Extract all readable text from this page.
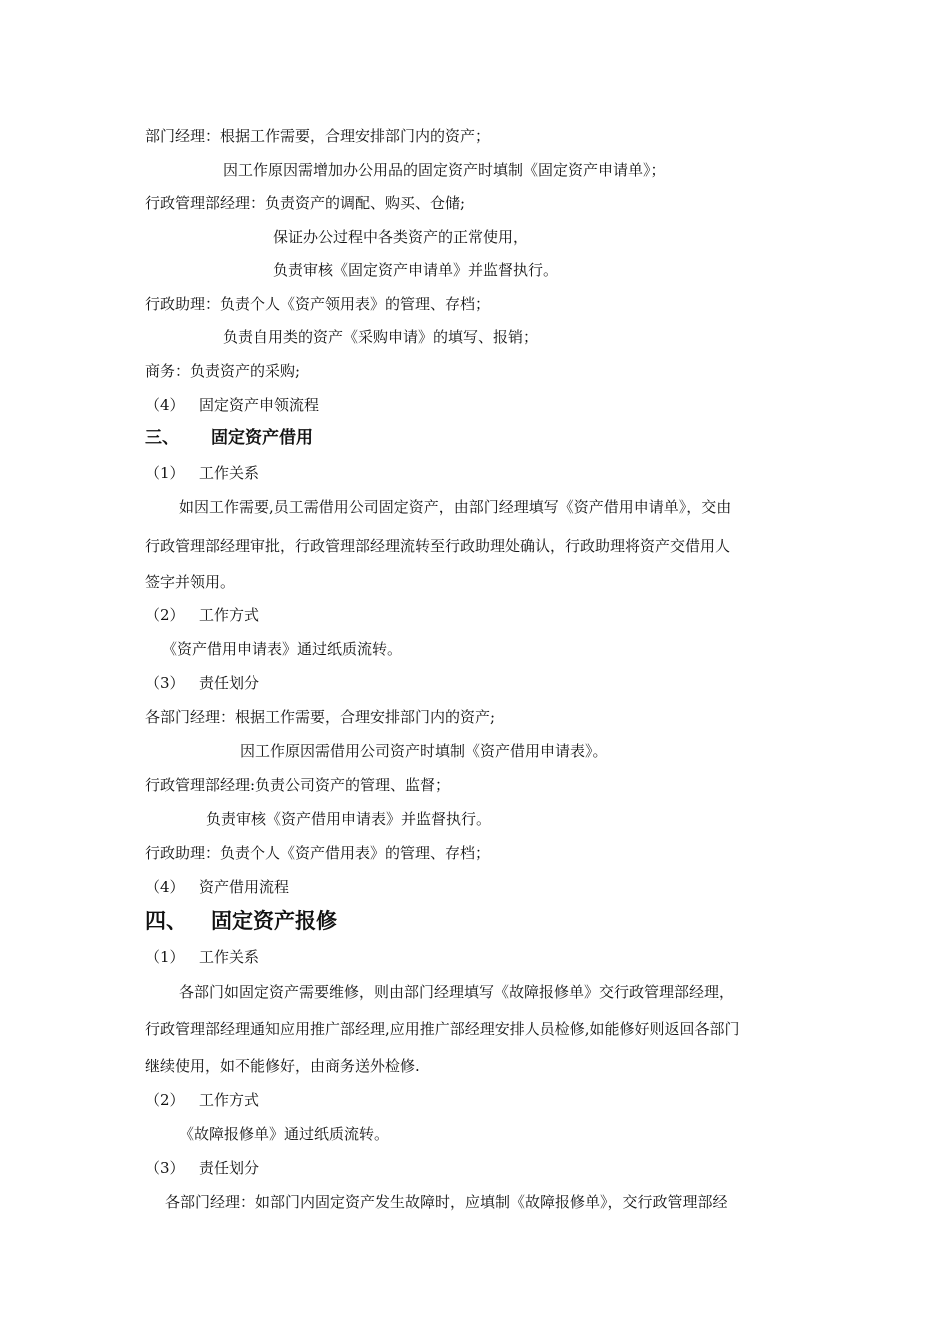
部门经理：根据工作需要，合理安排部门内的资产；
因工作原因需增加办公用品的固定资产时填制《固定资产申请单》；
行政管理部经理：负责资产的调配、购买、仓储;
保证办公过程中各类资产的正常使用，
负责审核《固定资产申请单》并监督执行。
行政助理：负责个人《资产领用表》的管理、存档；
负责自用类的资产《采购申请》的填写、报销；
商务：负责资产的采购;
（4） 固定资产申领流程
三、 固定资产借用
（1） 工作关系
如因工作需要,员工需借用公司固定资产，由部门经理填写《资产借用申请单》，交由
行政管理部经理审批，行政管理部经理流转至行政助理处确认，行政助理将资产交借用人
签字并领用。
（2） 工作方式
《资产借用申请表》通过纸质流转。
（3） 责任划分
各部门经理：根据工作需要，合理安排部门内的资产;
因工作原因需借用公司资产时填制《资产借用申请表》。
行政管理部经理:负责公司资产的管理、监督；
负责审核《资产借用申请表》并监督执行。
行政助理：负责个人《资产借用表》的管理、存档；
（4） 资产借用流程
四、 固定资产报修
（1） 工作关系
各部门如固定资产需要维修，则由部门经理填写《故障报修单》交行政管理部经理，
行政管理部经理通知应用推广部经理,应用推广部经理安排人员检修,如能修好则返回各部门
继续使用，如不能修好，由商务送外检修.
（2） 工作方式
《故障报修单》通过纸质流转。
（3） 责任划分
各部门经理：如部门内固定资产发生故障时，应填制《故障报修单》，交行政管理部经
